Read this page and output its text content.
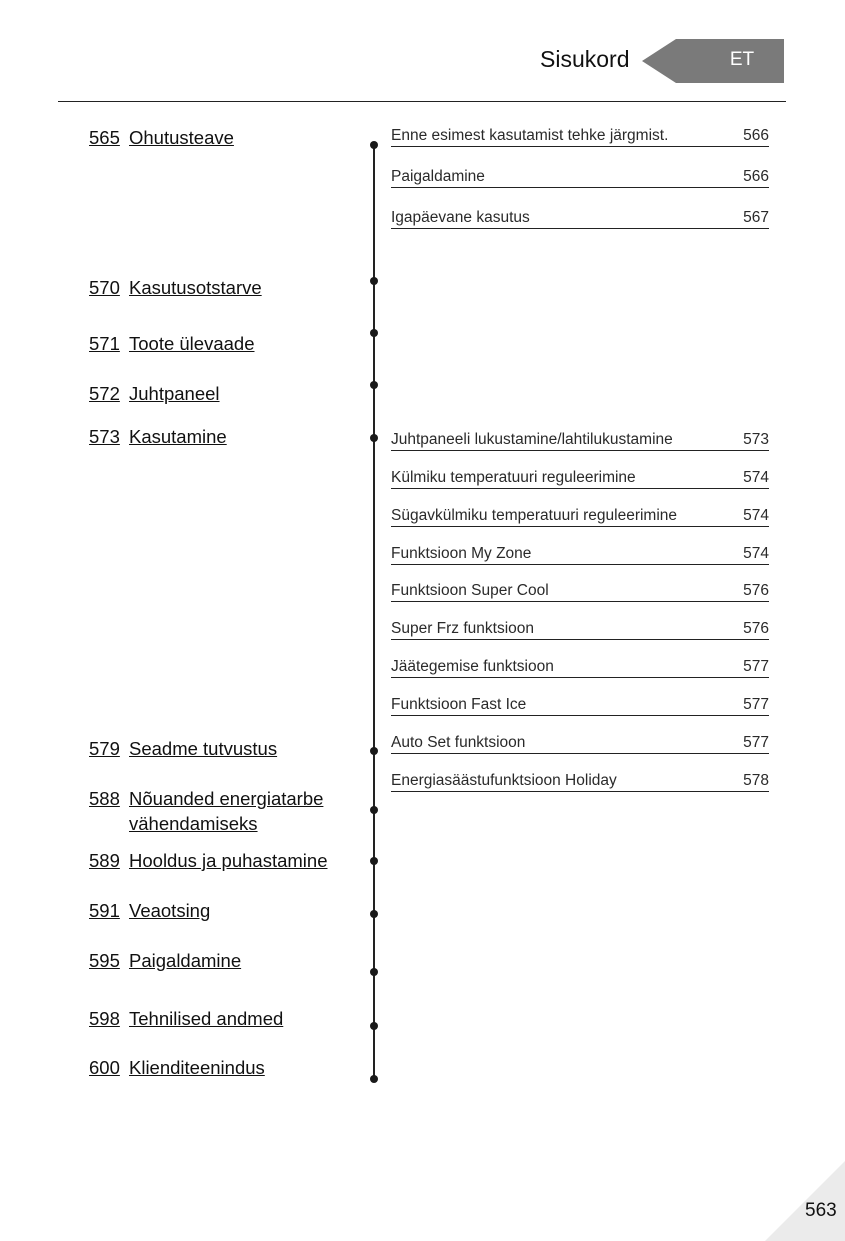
Sisukord	ET
565 Ohutusteave
570 Kasutusotstarve
571 Toote ülevaade
572 Juhtpaneel
573 Kasutamine
579 Seadme tutvustus
588 Nõuanded energiatarbe vähendamiseks
589 Hooldus ja puhastamine
591 Veaotsing
595 Paigaldamine
598 Tehnilised andmed
600 Klienditeenindus
Enne esimest kasutamist tehke järgmist.	566
Paigaldamine	566
Igapäevane kasutus	567
Juhtpaneeli lukustamine/lahtilukustamine	573
Külmiku temperatuuri reguleerimine	574
Sügavkülmiku temperatuuri reguleerimine	574
Funktsioon My Zone	574
Funktsioon Super Cool	576
Super Frz funktsioon	576
Jäätegemise funktsioon	577
Funktsioon Fast Ice	577
Auto Set funktsioon	577
Energiasäästufunktsioon Holiday	578
563
